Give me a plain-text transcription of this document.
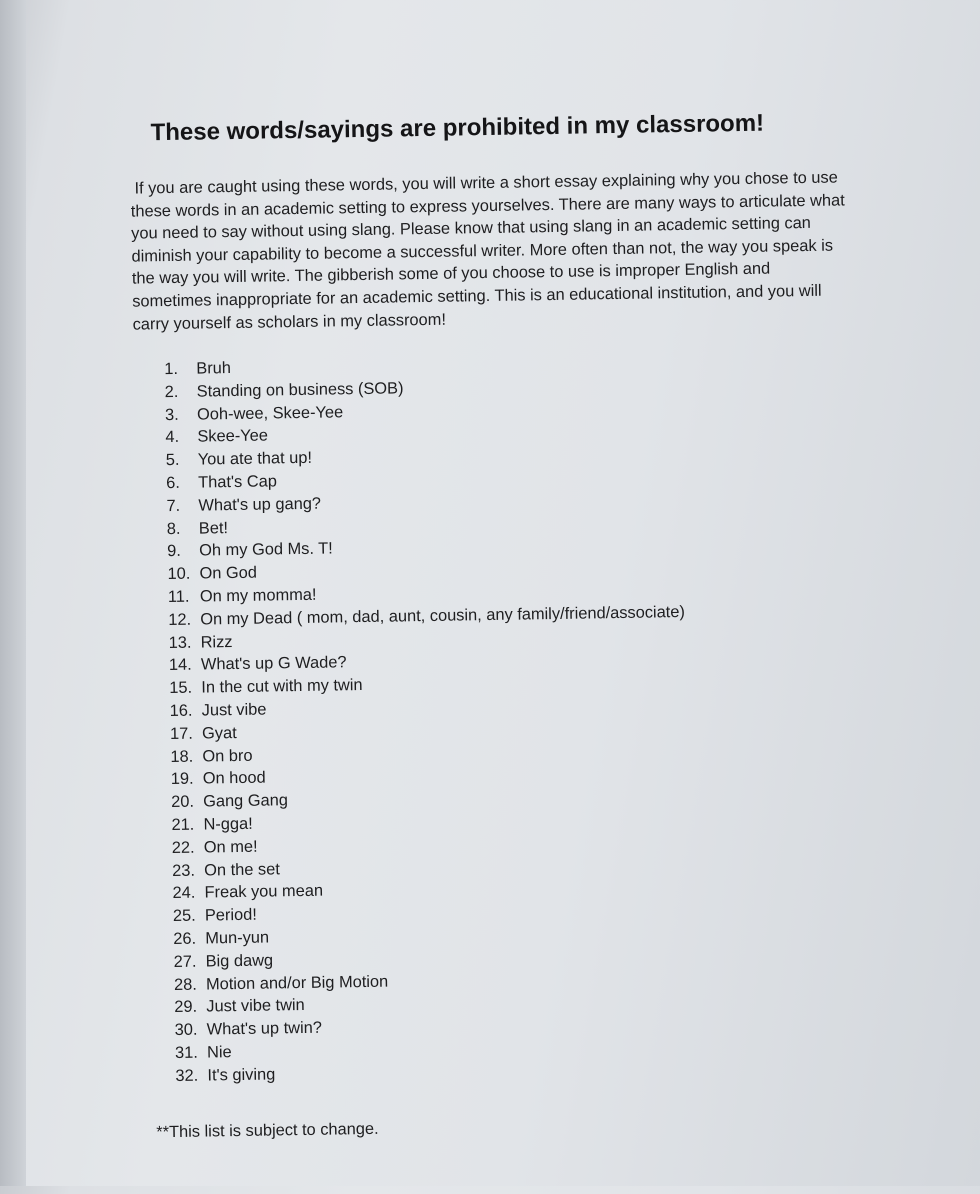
These words/sayings are prohibited in my classroom!

If you are caught using these words, you will write a short essay explaining why you chose to use these words in an academic setting to express yourselves. There are many ways to articulate what you need to say without using slang. Please know that using slang in an academic setting can diminish your capability to become a successful writer. More often than not, the way you speak is the way you will write. The gibberish some of you choose to use is improper English and sometimes inappropriate for an academic setting. This is an educational institution, and you will carry yourself as scholars in my classroom!

1. Bruh
2. Standing on business (SOB)
3. Ooh-wee, Skee-Yee
4. Skee-Yee
5. You ate that up!
6. That's Cap
7. What's up gang?
8. Bet!
9. Oh my God Ms. T!
10. On God
11. On my momma!
12. On my Dead ( mom, dad, aunt, cousin, any family/friend/associate)
13. Rizz
14. What's up G Wade?
15. In the cut with my twin
16. Just vibe
17. Gyat
18. On bro
19. On hood
20. Gang Gang
21. N-gga!
22. On me!
23. On the set
24. Freak you mean
25. Period!
26. Mun-yun
27. Big dawg
28. Motion and/or Big Motion
29. Just vibe twin
30. What's up twin?
31. Nie
32. It's giving

**This list is subject to change.
